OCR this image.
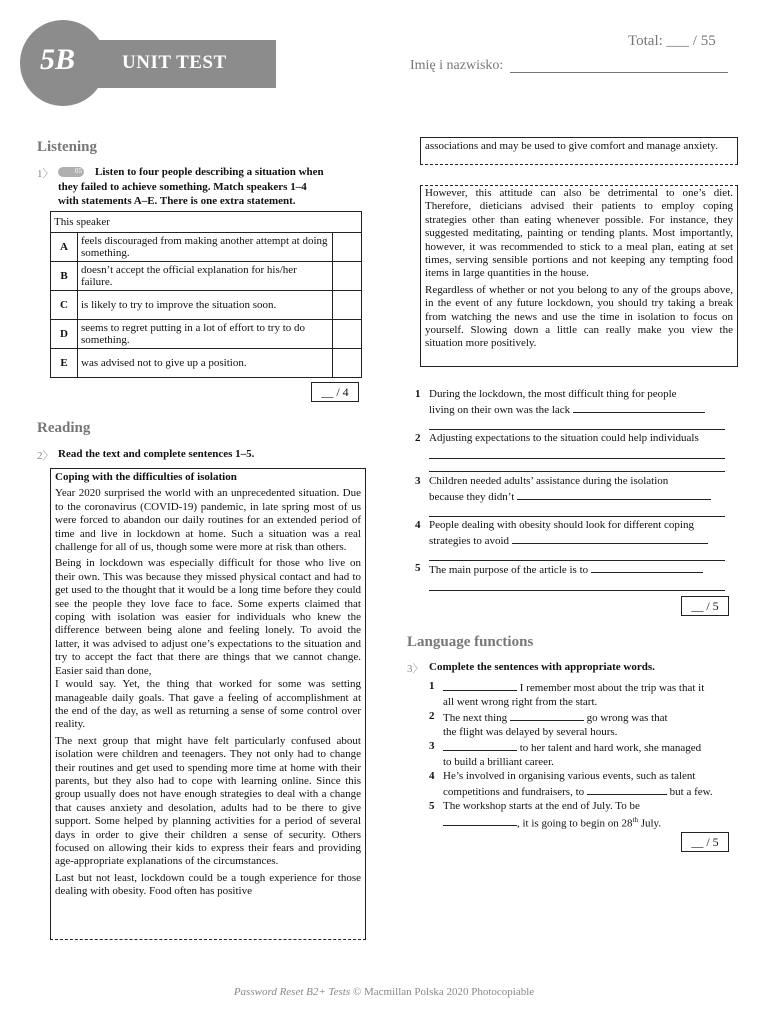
5B UNIT TEST
Total: ___ / 55
Imię i nazwisko:
Listening
1〉	05 Listen to four people describing a situation when
they failed to achieve something. Match speakers 1–4
with statements A–E. There is one extra statement.
This speaker		
A	feels discouraged from making another attempt at doing something.	
B	doesn’t accept the official explanation for his/her failure.	
C	is likely to try to improve the situation soon.	
D	seems to regret putting in a lot of effort to try to do something.	
E	was advised not to give up a position.	
__ / 4
Reading
2〉 Read the text and complete sentences 1–5.

Coping with the difficulties of isolation

Year 2020 surprised the world with an unprecedented situation. Due to the coronavirus (COVID-19) pandemic, in late spring most of us were forced to abandon our daily routines for an extended period of time and live in lockdown at home. Such a situation was a real challenge for all of us, though some were more at risk than others.

Being in lockdown was especially difficult for those who live on their own. This was because they missed physical contact and had to get used to the thought that it would be a long time before they could see the people they love face to face. Some experts claimed that coping with isolation was easier for individuals who knew the difference between being alone and feeling lonely. To avoid the latter, it was advised to adjust one’s expectations to the situation and try to accept the fact that there are things that we cannot change. Easier said than done,

I would say. Yet, the thing that worked for some was setting manageable daily goals. That gave a feeling of accomplishment at the end of the day, as well as returning a sense of some control over reality.

The next group that might have felt particularly confused about isolation were children and teenagers. They not only had to change their routines and get used to spending more time at home with their parents, but they also had to cope with learning online. Since this group usually does not have enough strategies to deal with a change that causes anxiety and desolation, adults had to be there to give support. Some helped by planning activities for a period of several days in order to give their children a sense of security. Others focused on allowing their kids to express their fears and providing age-appropriate explanations of the circumstances.

Last but not least, lockdown could be a tough experience for those dealing with obesity. Food often has positive

associations and may be used to give comfort and manage anxiety.

However, this attitude can also be detrimental to one’s diet. Therefore, dieticians advised their patients to employ coping strategies other than eating whenever possible. For instance, they suggested meditating, painting or tending plants. Most importantly, however, it was recommended to stick to a meal plan, eating at set times, serving sensible portions and not keeping any tempting food items in large quantities in the house.

Regardless of whether or not you belong to any of the groups above, in the event of any future lockdown, you should try taking a break from watching the news and use the time in isolation to focus on yourself. Slowing down a little can really make you view the situation more positively.

1 During the lockdown, the most difficult thing for people
living on their own was the lack
2 Adjusting expectations to the situation could help individuals
3 Children needed adults’ assistance during the isolation
because they didn’t
4 People dealing with obesity should look for different coping
strategies to avoid
5 The main purpose of the article is to
__ / 5
Language functions
3〉 Complete the sentences with appropriate words.
1	I remember most about the trip was that it
all went wrong right from the start.
2 The next thing	go wrong was that
the flight was delayed by several hours.
3	to her talent and hard work, she managed
to build a brilliant career.
4 He’s involved in organising various events, such as talent
competitions and fundraisers, to	but a few.
5 The workshop starts at the end of July. To be
, it is going to begin on 28th July.
__ / 5
Password Reset B2+ Tests © Macmillan Polska 2020 Photocopiable
